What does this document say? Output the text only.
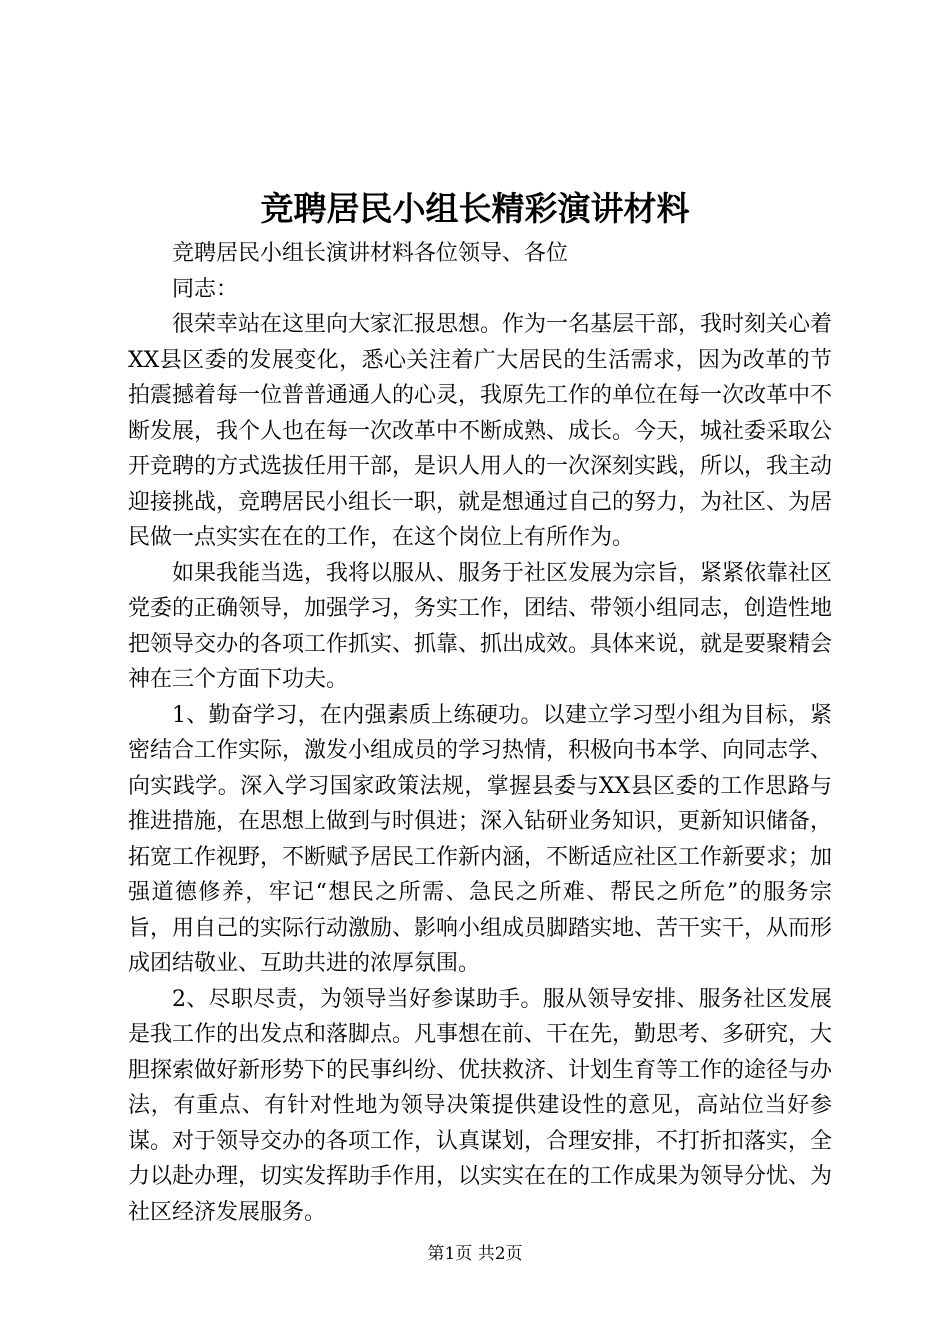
竞聘居民小组长精彩演讲材料

竞聘居民小组长演讲材料各位领导、各位

同志：

很荣幸站在这里向大家汇报思想。作为一名基层干部，我时刻关心着XX县区委的发展变化，悉心关注着广大居民的生活需求，因为改革的节拍震撼着每一位普普通通人的心灵，我原先工作的单位在每一次改革中不断发展，我个人也在每一次改革中不断成熟、成长。今天，城社委采取公开竞聘的方式选拔任用干部，是识人用人的一次深刻实践，所以，我主动迎接挑战，竞聘居民小组长一职，就是想通过自己的努力，为社区、为居民做一点实实在在的工作，在这个岗位上有所作为。

如果我能当选，我将以服从、服务于社区发展为宗旨，紧紧依靠社区党委的正确领导，加强学习，务实工作，团结、带领小组同志，创造性地把领导交办的各项工作抓实、抓靠、抓出成效。具体来说，就是要聚精会神在三个方面下功夫。

1、勤奋学习，在内强素质上练硬功。以建立学习型小组为目标，紧密结合工作实际，激发小组成员的学习热情，积极向书本学、向同志学、向实践学。深入学习国家政策法规，掌握县委与XX县区委的工作思路与推进措施，在思想上做到与时俱进；深入钻研业务知识，更新知识储备，拓宽工作视野，不断赋予居民工作新内涵，不断适应社区工作新要求；加强道德修养，牢记“想民之所需、急民之所难、帮民之所危”的服务宗旨，用自己的实际行动激励、影响小组成员脚踏实地、苦干实干，从而形成团结敬业、互助共进的浓厚氛围。

2、尽职尽责，为领导当好参谋助手。服从领导安排、服务社区发展是我工作的出发点和落脚点。凡事想在前、干在先，勤思考、多研究，大胆探索做好新形势下的民事纠纷、优扶救济、计划生育等工作的途径与办法，有重点、有针对性地为领导决策提供建设性的意见，高站位当好参谋。对于领导交办的各项工作，认真谋划，合理安排，不打折扣落实，全力以赴办理，切实发挥助手作用，以实实在在的工作成果为领导分忧、为社区经济发展服务。

第1页 共2页
